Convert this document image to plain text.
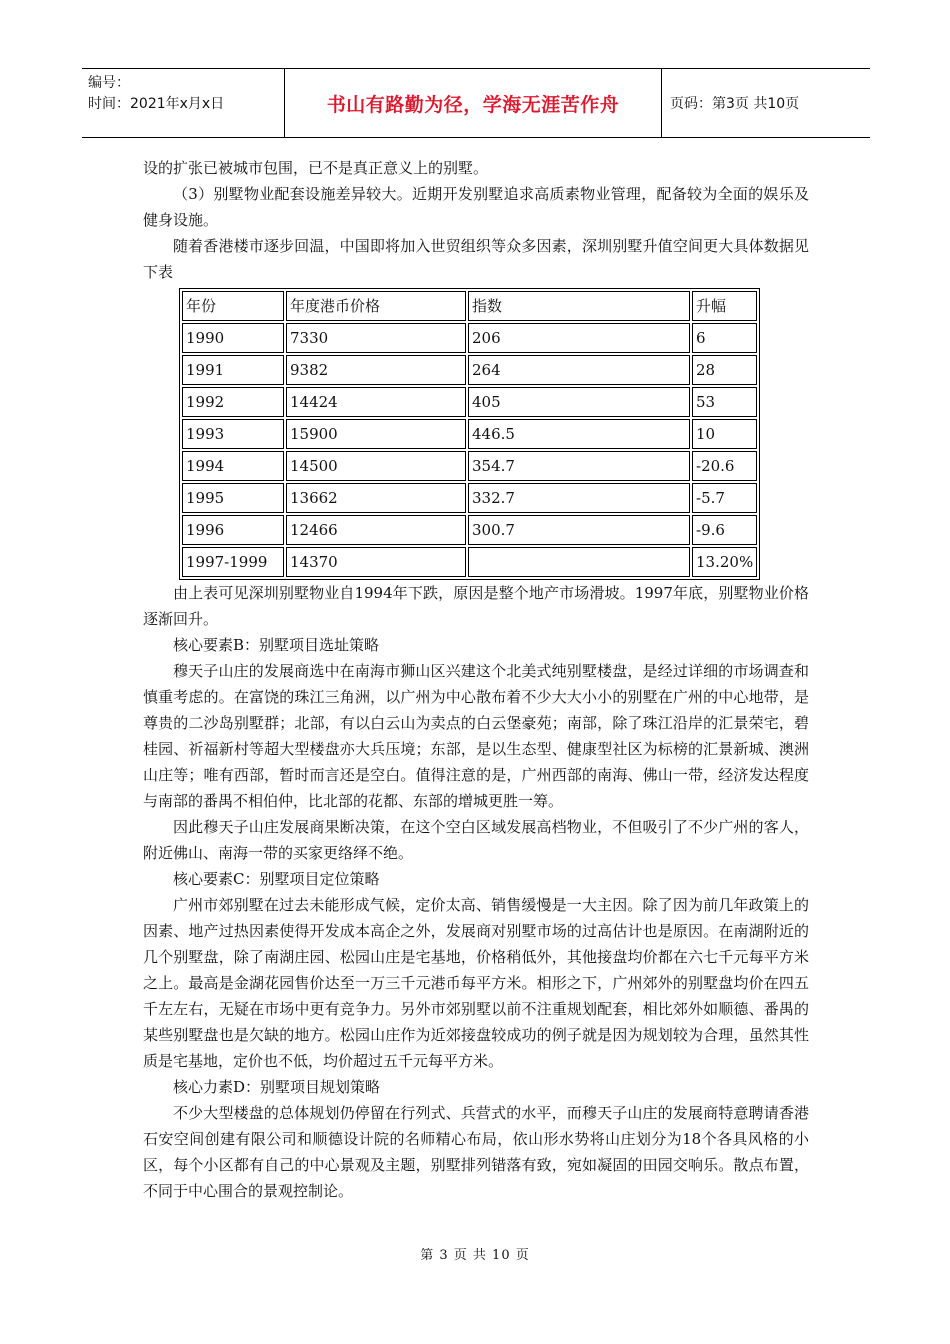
编号：
时间：2021年x月x日	书山有路勤为径，学海无涯苦作舟	页码：第3页 共10页

设的扩张已被城市包围，已不是真正意义上的别墅。

（3）别墅物业配套设施差异较大。近期开发别墅追求高质素物业管理，配备较为全面的娱乐及健身设施。

随着香港楼市逐步回温，中国即将加入世贸组织等众多因素，深圳别墅升值空间更大具体数据见下表

年份	年度港币价格	指数	升幅
1990	7330	206	6
1991	9382	264	28
1992	14424	405	53
1993	15900	446.5	10
1994	14500	354.7	-20.6
1995	13662	332.7	-5.7
1996	12466	300.7	-9.6
1997-1999	14370		13.20%

由上表可见深圳别墅物业自1994年下跌，原因是整个地产市场滑坡。1997年底，别墅物业价格逐渐回升。

核心要素B：别墅项目选址策略

穆天子山庄的发展商选中在南海市狮山区兴建这个北美式纯别墅楼盘，是经过详细的市场调查和慎重考虑的。在富饶的珠江三角洲，以广州为中心散布着不少大大小小的别墅在广州的中心地带，是尊贵的二沙岛别墅群；北部，有以白云山为卖点的白云堡豪苑；南部，除了珠江沿岸的汇景荣宅，碧桂园、祈福新村等超大型楼盘亦大兵压境；东部，是以生态型、健康型社区为标榜的汇景新城、澳洲山庄等；唯有西部，暂时而言还是空白。值得注意的是，广州西部的南海、佛山一带，经济发达程度与南部的番禺不相伯仲，比北部的花都、东部的增城更胜一筹。

因此穆天子山庄发展商果断决策，在这个空白区域发展高档物业，不但吸引了不少广州的客人，附近佛山、南海一带的买家更络绎不绝。

核心要素C：别墅项目定位策略

广州市郊别墅在过去未能形成气候，定价太高、销售缓慢是一大主因。除了因为前几年政策上的因素、地产过热因素使得开发成本高企之外，发展商对别墅市场的过高估计也是原因。在南湖附近的几个别墅盘，除了南湖庄园、松园山庄是宅基地，价格稍低外，其他接盘均价都在六七千元每平方米之上。最高是金湖花园售价达至一万三千元港币每平方米。相形之下，广州郊外的别墅盘均价在四五千左左右，无疑在市场中更有竞争力。另外市郊别墅以前不注重规划配套，相比郊外如顺德、番禺的某些别墅盘也是欠缺的地方。松园山庄作为近郊接盘较成功的例子就是因为规划较为合理，虽然其性质是宅基地，定价也不低，均价超过五千元每平方米。

核心力素D：别墅项目规划策略

不少大型楼盘的总体规划仍停留在行列式、兵营式的水平，而穆天子山庄的发展商特意聘请香港石安空间创建有限公司和顺德设计院的名师精心布局，依山形水势将山庄划分为18个各具风格的小区，每个小区都有自己的中心景观及主题，别墅排列错落有致，宛如凝固的田园交响乐。散点布置，不同于中心围合的景观控制论。

第 3 页 共 10 页
